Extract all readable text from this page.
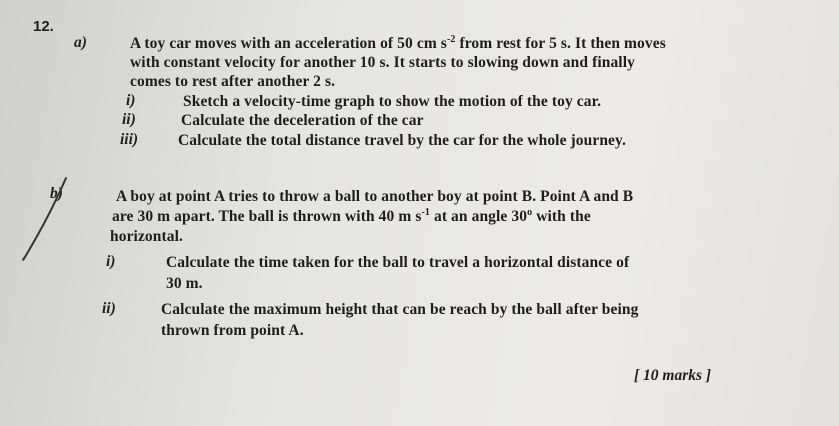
12.
a)	A toy car moves with an acceleration of 50 cm $s^{-2}$ from rest for 5 s. It then moves
with constant velocity for another 10 s. It starts to slowing down and finally
comes to rest after another 2 s.
i)	Sketch a velocity-time graph to show the motion of the toy car.
ii)	Calculate the deceleration of the car
iii)	Calculate the total distance travel by the car for the whole journey.
b)	A boy at point A tries to throw a ball to another boy at point B. Point A and B
are 30 m apart. The ball is thrown with 40 m $s^{-1}$ at an angle 30$^o$ with the
horizontal.
i)	Calculate the time taken for the ball to travel a horizontal distance of
30 m.
ii)	Calculate the maximum height that can be reach by the ball after being
thrown from point A.
[ 10 marks ]
